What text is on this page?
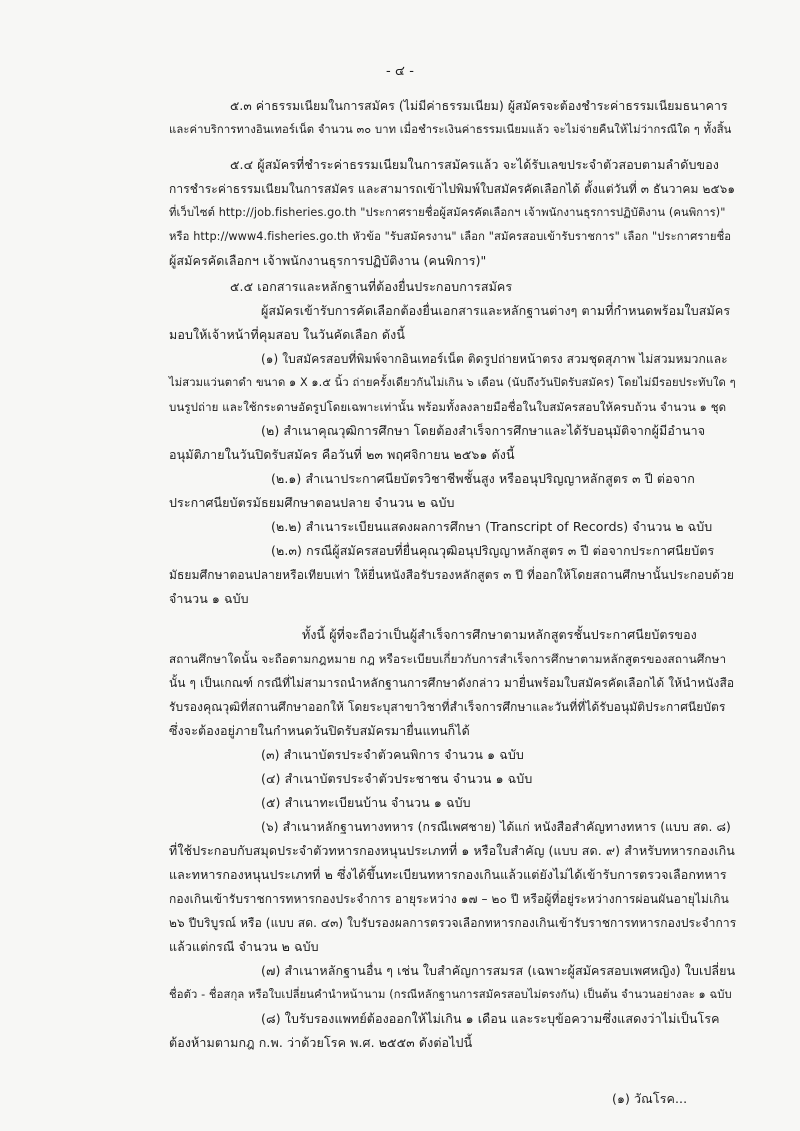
- ๔ -

๕.๓ ค่าธรรมเนียมในการสมัคร (ไม่มีค่าธรรมเนียม) ผู้สมัครจะต้องชำระค่าธรรมเนียมธนาคาร

และค่าบริการทางอินเทอร์เน็ต จำนวน ๓๐ บาท เมื่อชำระเงินค่าธรรมเนียมแล้ว จะไม่จ่ายคืนให้ไม่ว่ากรณีใด ๆ ทั้งสิ้น

๕.๔ ผู้สมัครที่ชำระค่าธรรมเนียมในการสมัครแล้ว จะได้รับเลขประจำตัวสอบตามลำดับของ

การชำระค่าธรรมเนียมในการสมัคร และสามารถเข้าไปพิมพ์ใบสมัครคัดเลือกได้ ตั้งแต่วันที่ ๓ ธันวาคม ๒๕๖๑

ที่เว็บไซต์ http://job.fisheries.go.th "ประกาศรายชื่อผู้สมัครคัดเลือกฯ เจ้าพนักงานธุรการปฏิบัติงาน (คนพิการ)"

หรือ http://www4.fisheries.go.th หัวข้อ "รับสมัครงาน" เลือก "สมัครสอบเข้ารับราชการ" เลือก "ประกาศรายชื่อ

ผู้สมัครคัดเลือกฯ เจ้าพนักงานธุรการปฏิบัติงาน (คนพิการ)"

๕.๕ เอกสารและหลักฐานที่ต้องยื่นประกอบการสมัคร

ผู้สมัครเข้ารับการคัดเลือกต้องยื่นเอกสารและหลักฐานต่างๆ ตามที่กำหนดพร้อมใบสมัคร

มอบให้เจ้าหน้าที่คุมสอบ ในวันคัดเลือก ดังนี้

(๑) ใบสมัครสอบที่พิมพ์จากอินเทอร์เน็ต ติดรูปถ่ายหน้าตรง สวมชุดสุภาพ ไม่สวมหมวกและ

ไม่สวมแว่นตาดำ ขนาด ๑ X ๑.๕ นิ้ว ถ่ายครั้งเดียวกันไม่เกิน ๖ เดือน (นับถึงวันปิดรับสมัคร) โดยไม่มีรอยประทับใด ๆ

บนรูปถ่าย และใช้กระดาษอัดรูปโดยเฉพาะเท่านั้น พร้อมทั้งลงลายมือชื่อในใบสมัครสอบให้ครบถ้วน จำนวน ๑ ชุด

(๒) สำเนาคุณวุฒิการศึกษา โดยต้องสำเร็จการศึกษาและได้รับอนุมัติจากผู้มีอำนาจ

อนุมัติภายในวันปิดรับสมัคร คือวันที่ ๒๓ พฤศจิกายน ๒๕๖๑ ดังนี้

(๒.๑) สำเนาประกาศนียบัตรวิชาชีพชั้นสูง หรืออนุปริญญาหลักสูตร ๓ ปี ต่อจาก

ประกาศนียบัตรมัธยมศึกษาตอนปลาย จำนวน ๒ ฉบับ

(๒.๒) สำเนาระเบียนแสดงผลการศึกษา (Transcript of Records) จำนวน ๒ ฉบับ

(๒.๓) กรณีผู้สมัครสอบที่ยื่นคุณวุฒิอนุปริญญาหลักสูตร ๓ ปี ต่อจากประกาศนียบัตร

มัธยมศึกษาตอนปลายหรือเทียบเท่า ให้ยื่นหนังสือรับรองหลักสูตร ๓ ปี ที่ออกให้โดยสถานศึกษานั้นประกอบด้วย

จำนวน ๑ ฉบับ

ทั้งนี้ ผู้ที่จะถือว่าเป็นผู้สำเร็จการศึกษาตามหลักสูตรชั้นประกาศนียบัตรของ

สถานศึกษาใดนั้น จะถือตามกฎหมาย กฎ หรือระเบียบเกี่ยวกับการสำเร็จการศึกษาตามหลักสูตรของสถานศึกษา

นั้น ๆ เป็นเกณฑ์ กรณีที่ไม่สามารถนำหลักฐานการศึกษาดังกล่าว มายื่นพร้อมใบสมัครคัดเลือกได้ ให้นำหนังสือ

รับรองคุณวุฒิที่สถานศึกษาออกให้ โดยระบุสาขาวิชาที่สำเร็จการศึกษาและวันที่ที่ได้รับอนุมัติประกาศนียบัตร

ซึ่งจะต้องอยู่ภายในกำหนดวันปิดรับสมัครมายื่นแทนก็ได้

(๓) สำเนาบัตรประจำตัวคนพิการ จำนวน ๑ ฉบับ

(๔) สำเนาบัตรประจำตัวประชาชน จำนวน ๑ ฉบับ

(๕) สำเนาทะเบียนบ้าน จำนวน ๑ ฉบับ

(๖) สำเนาหลักฐานทางทหาร (กรณีเพศชาย) ได้แก่ หนังสือสำคัญทางทหาร (แบบ สด. ๘)

ที่ใช้ประกอบกับสมุดประจำตัวทหารกองหนุนประเภทที่ ๑ หรือใบสำคัญ (แบบ สด. ๙) สำหรับทหารกองเกิน

และทหารกองหนุนประเภทที่ ๒ ซึ่งได้ขึ้นทะเบียนทหารกองเกินแล้วแต่ยังไม่ได้เข้ารับการตรวจเลือกทหาร

กองเกินเข้ารับราชการทหารกองประจำการ อายุระหว่าง ๑๗ – ๒๐ ปี หรือผู้ที่อยู่ระหว่างการผ่อนผันอายุไม่เกิน

๒๖ ปีบริบูรณ์ หรือ (แบบ สด. ๔๓) ใบรับรองผลการตรวจเลือกทหารกองเกินเข้ารับราชการทหารกองประจำการ

แล้วแต่กรณี จำนวน ๒ ฉบับ

(๗) สำเนาหลักฐานอื่น ๆ เช่น ใบสำคัญการสมรส (เฉพาะผู้สมัครสอบเพศหญิง) ใบเปลี่ยน

ชื่อตัว - ชื่อสกุล หรือใบเปลี่ยนคำนำหน้านาม (กรณีหลักฐานการสมัครสอบไม่ตรงกัน) เป็นต้น จำนวนอย่างละ ๑ ฉบับ

(๘) ใบรับรองแพทย์ต้องออกให้ไม่เกิน ๑ เดือน และระบุข้อความซึ่งแสดงว่าไม่เป็นโรค

ต้องห้ามตามกฎ ก.พ. ว่าด้วยโรค พ.ศ. ๒๕๕๓ ดังต่อไปนี้

(๑) วัณโรค...
